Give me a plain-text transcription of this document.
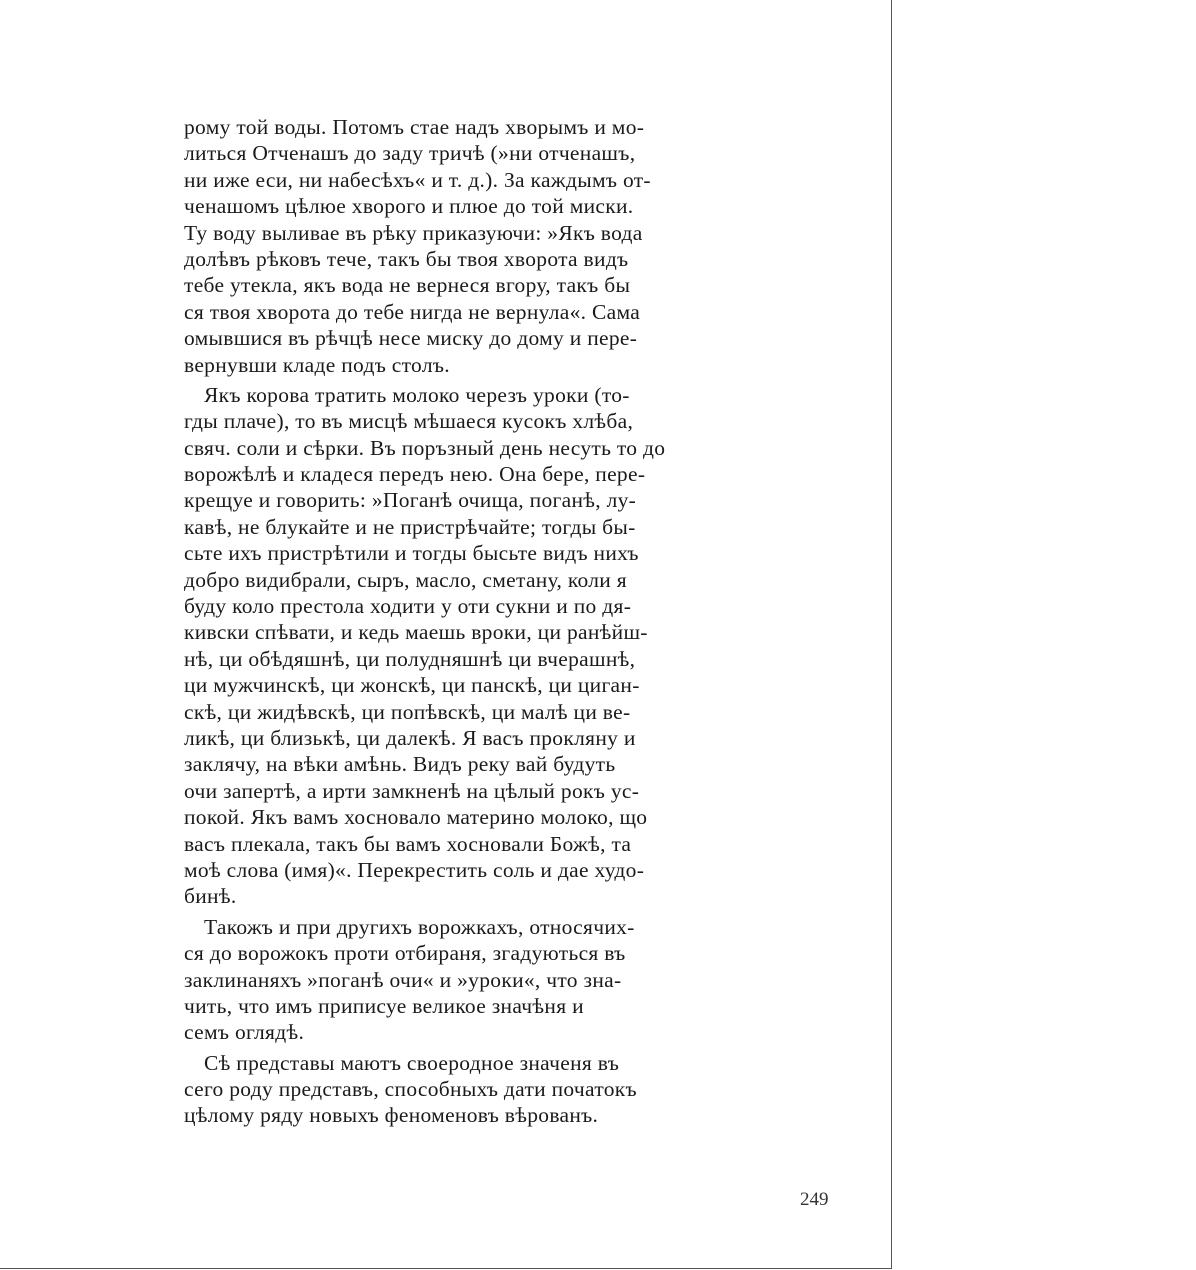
рому той воды. Потомъ стае надъ хворымъ и мо-
литься Отченашъ до заду тричѣ (»ни отченашъ,
ни иже еси, ни набесѣхъ« и т. д.). За каждымъ от-
ченашомъ цѣлюе хворого и плюе до той миски.
Ту воду выливае въ рѣку приказуючи: »Якъ вода
долѣвъ рѣковъ тече, такъ бы твоя хворота видъ
тебе утекла, якъ вода не вернеся вгору, такъ бы
ся твоя хворота до тебе нигда не вернула«. Сама
омывшися въ рѣчцѣ несе миску до дому и пере-
вернувши кладе подъ столъ.
Якъ корова тратить молоко черезъ уроки (то-
гды плаче), то въ мисцѣ мѣшаеся кусокъ хлѣба,
свяч. соли и сѣрки. Въ поръзный день несуть то до
ворожѣлѣ и кладеся передъ нею. Она бере, пере-
крещуе и говорить: »Поганѣ очища, поганѣ, лу-
кавѣ, не блукайте и не пристрѣчайте; тогды бы-
сьте ихъ пристрѣтили и тогды бысьте видъ нихъ
добро видибрали, сыръ, масло, сметану, коли я
буду коло престола ходити у оти сукни и по дя-
кивски спѣвати, и кедь маешь вроки, ци ранѣйш-
нѣ, ци обѣдяшнѣ, ци полудняшнѣ ци вчерашнѣ,
ци мужчинскѣ, ци жонскѣ, ци панскѣ, ци циган-
скѣ, ци жидѣвскѣ, ци попѣвскѣ, ци малѣ ци ве-
ликѣ, ци близькѣ, ци далекѣ. Я васъ прокляну и
заклячу, на вѣки амѣнь. Видъ реку вай будуть
очи запертѣ, а ирти замкненѣ на цѣлый рокъ ус-
покой. Якъ вамъ хосновало материно молоко, що
васъ плекала, такъ бы вамъ хосновали Божѣ, та
моѣ слова (имя)«. Перекрестить соль и дае худо-
бинѣ.
Такожъ и при другихъ ворожкахъ, относячих-
ся до ворожокъ проти отбираня, згадуються въ
заклинаняхъ »поганѣ очи« и »уроки«, что зна-
чить, что имъ приписуе великое значѣня и
семъ оглядѣ.
Сѣ представы маютъ своеродное значеня въ
сего роду представъ, способныхъ дати початокъ
цѣлому ряду новыхъ феноменовъ вѣрованъ.
249
